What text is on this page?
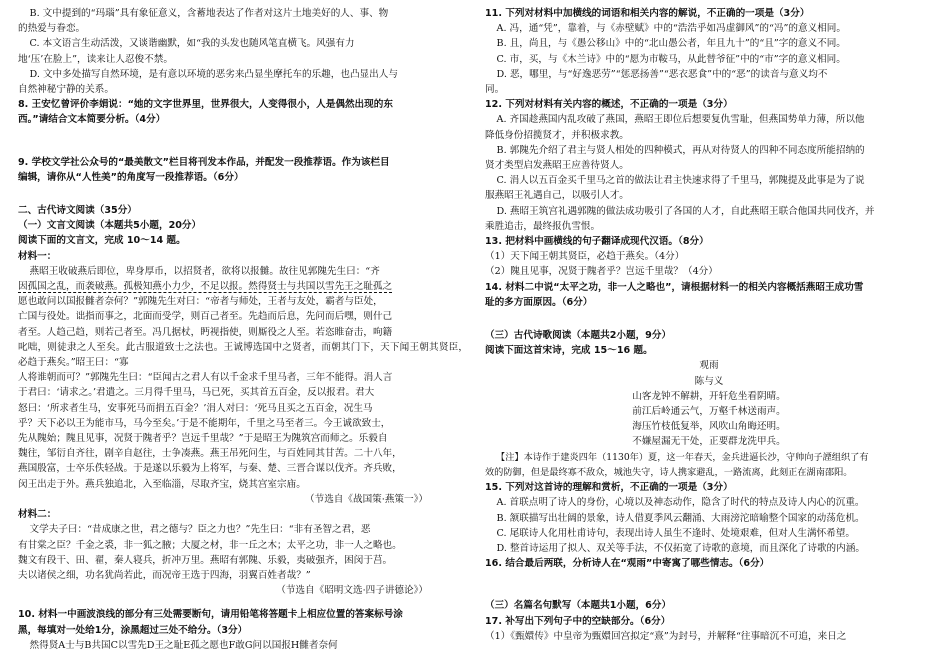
B. 文中提到的“玛瑙”具有象征意义，含蓄地表达了作者对这片土地美好的人、事、物

的热爱与眷恋。

C. 本文语言生动活泼，又谈谐幽默，如“我的头发也随风笔直横飞。风强有力

地‘压’在脸上”，读来让人忍俊不禁。

D. 文中多处描写自然环境，是有意以环境的恶劣来凸显坐摩托车的乐趣，也凸显出人与

自然神秘宁静的关系。

8. 王安忆曾评价李娟说：“她的文字世界里，世界很大，人变得很小，人是偶然出现的东

西。”请结合文本简要分析。（4分）

9. 学校文学社公众号的“最美散文”栏目将刊发本作品，并配发一段推荐语。作为该栏目

编辑，请你从“人性美”的角度写一段推荐语。（6分）

二、古代诗文阅读（35分）

（一）文言文阅读（本题共5小题，20分）

阅读下面的文言文，完成 10～14 题。

材料一：

燕昭王收破燕后即位，卑身厚币，以招贤者，欲将以报雠。故往见郭隗先生曰：“齐

因孤国之乱，而袭破燕。孤极知燕小力少，不足以报。然得贤士与共国以雪先王之耻孤之

愿也敢问以国报雠者奈何？”郭隗先生对曰：“帝者与师处，王者与友处，霸者与臣处，

亡国与役处。诎指而事之，北面而受学，则百己者至。先趋而后息，先问而后嘿，则什己

者至。人趋己趋，则若己者至。冯几据杖，眄视指使，则厮役之人至。若恣睢奋击，呴籍

叱咄，则徒隶之人至矣。此古服道致士之法也。王诚博选国中之贤者，而朝其门下，天下闻王朝其贤臣，必趋于燕矣。”昭王曰：“寡

人将谁朝而可？”郭隗先生曰：“臣闻古之君人有以千金求千里马者，三年不能得。涓人言

于君曰：‘请求之。’君遣之。三月得千里马，马已死，买其首五百金，反以报君。君大

怒曰：‘所求者生马，安事死马而捐五百金？’涓人对曰：‘死马且买之五百金，况生马

乎？天下必以王为能市马，马今至矣。’于是不能期年，千里之马至者三。今王诚欲致士，

先从隗始；隗且见事，况贤于隗者乎？岂远千里哉？”于是昭王为隗筑宫而师之。乐毅自

魏往，邹衍自齐往，剧辛自赵往，士争凑燕。燕王吊死问生，与百姓同其甘苦。二十八年，

燕国殷富，士卒乐佚轻战。于是遂以乐毅为上将军，与秦、楚、三晋合谋以伐齐。齐兵败，

闵王出走于外。燕兵独追北，入至临淄，尽取齐宝，烧其宫室宗庙。

（节选自《战国策·燕策一》）

材料二：

文学夫子曰：“昔成康之世，君之德与？臣之力也？”先生曰：“非有圣智之君，恶

有甘棠之臣？千金之裘，非一狐之腋；大厦之材，非一丘之木；太平之功，非一人之略也。

魏文有段干、田、翟，秦人寝兵，折冲万里。燕昭有郭隗、乐毅，夷破强齐，困闵于莒。

夫以诸侯之细，功名犹尚若此，而况帝王选于四海，羽翼百姓者哉？”

（节选自《昭明文选·四子讲德论》）

10. 材料一中画波浪线的部分有三处需要断句，请用铅笔将答题卡上相应位置的答案标号涂

黑，每填对一处给1分，涂黑超过三处不给分。（3分）

然得贤A士与B共国C以雪先D王之耻E孤之愿也F敢G问以国报H雠者奈何

11. 下列对材料中加横线的词语和相关内容的解说，不正确的一项是（3分）

A. 冯，通“凭”，靠着，与《赤壁赋》中的“浩浩乎如冯虚御风”的“冯”的意义相同。

B. 且，尚且，与《愚公移山》中的“北山愚公者，年且九十”的“且”字的意义不同。

C. 市，买，与《木兰诗》中的“愿为市鞍马，从此替爷征”中的“市”字的意义相同。

D. 恶，哪里，与“好逸恶劳”“惩恶扬善”“恶衣恶食”中的“恶”的读音与意义均不

同。

12. 下列对材料有关内容的概述，不正确的一项是（3分）

A. 齐国趁燕国内乱攻破了燕国，燕昭王即位后想要复仇雪耻，但燕国势单力薄，所以他

降低身份招揽贤才，并积极求教。

B. 郭隗先介绍了君主与贤人相处的四种模式，再从对待贤人的四种不同态度所能招纳的

贤才类型启发燕昭王应善待贤人。

C. 涓人以五百金买千里马之首的做法让君主快速求得了千里马，郭隗提及此事是为了说

服燕昭王礼遇自己，以吸引人才。

D. 燕昭王筑宫礼遇郭隗的做法成功吸引了各国的人才，自此燕昭王联合他国共同伐齐，并

乘胜追击，最终报仇雪恨。

13. 把材料中画横线的句子翻译成现代汉语。（8分）

（1）天下闻王朝其贤臣，必趋于燕矣。（4分）

（2）隗且见事，况贤于隗者乎？岂远千里哉？（4分）

14. 材料二中说“太平之功，非一人之略也”，请根据材料一的相关内容概括燕昭王成功雪

耻的多方面原因。（6分）

（三）古代诗歌阅读（本题共2小题，9分）

阅读下面这首宋诗，完成 15～16 题。

观雨

陈与义

山客龙钟不解耕，开轩危坐看阴晴。

前江后岭通云气，万壑千林送雨声。

海压竹枝低复举，风吹山角晦还明。

不嫌屋漏无干处，正要群龙洗甲兵。

【注】本诗作于建炎四年（1130年）夏，这一年春天，金兵进逼长沙，守帅向子諲组织了有

效的防御，但是最终寡不敌众，城池失守，诗人携家避乱，一路流离，此刻正在湖南邵阳。

15. 下列对这首诗的理解和赏析，不正确的一项是（3分）

A. 首联点明了诗人的身份，心境以及神态动作，隐含了时代的特点及诗人内心的沉重。

B. 颔联描写出壮阔的景象，诗人借夏季风云翻涌、大雨滂沱暗喻整个国家的动荡危机。

C. 尾联诗人化用杜甫诗句，表现出诗人虽生不逢时、处境艰难，但对人生满怀希望。

D. 整首诗运用了拟人、双关等手法，不仅拓宽了诗歌的意境，而且深化了诗歌的内涵。

16. 结合最后两联，分析诗人在“观雨”中寄寓了哪些情志。（6分）

（三）名篇名句默写（本题共1小题，6分）

17. 补写出下列句子中的空缺部分。（6分）

（1）《甄嬛传》中皇帝为甄嬛回宫拟定“熹”为封号，并解释“往事暗沉不可追，来日之
